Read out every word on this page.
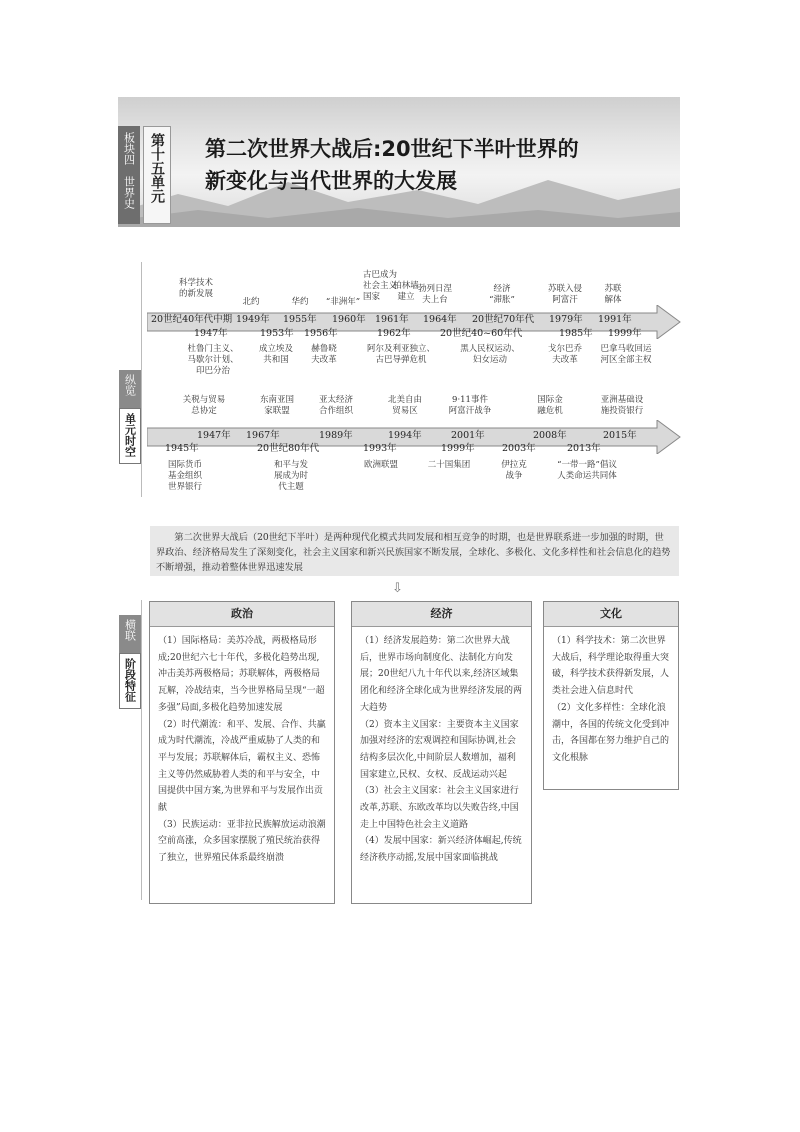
板块四　世界史 第十五单元 第二次世界大战后:20世纪下半叶世界的
新变化与当代世界的大发展
纵览
单元时空
科学技术
的新发展
北约	华约	“非洲年”
古巴成为
社会主义
国家
柏林墙
建立
勃列日涅
夫上台
经济
“滞胀”
苏联入侵
阿富汗
苏联
解体
20世纪40年代中期 1949年 1955年 1960年 1961年 1964年 20世纪70年代 1979年 1991年
1947年	1953年 1956年	1962年	20世纪40~60年代	1985年 1999年
杜鲁门主义、
马歇尔计划、
印巴分治
成立埃及
共和国
赫鲁晓
夫改革
阿尔及利亚独立、
古巴导弹危机
黑人民权运动、
妇女运动
戈尔巴乔
夫改革
巴拿马收回运
河区全部主权
关税与贸易
总协定
东南亚国
家联盟
亚太经济
合作组织
北美自由
贸易区
9·11事件
阿富汗战争
国际金
融危机
亚洲基础设
施投资银行
1947年 1967年	1989年	1994年	2001年	2008年	2015年
1945年	20世纪80年代	1993年	1999年	2003年	2013年
国际货币
基金组织
世界银行
和平与发
展成为时
代主题
欧洲联盟	二十国集团	伊拉克
战争
“一带一路”倡议
人类命运共同体

第二次世界大战后（20世纪下半叶）是两种现代化模式共同发展和相互竞争的时期，也是世界联系进一步加强的时期，世界政治、经济格局发生了深刻变化，社会主义国家和新兴民族国家不断发展，全球化、多极化、文化多样性和社会信息化的趋势不断增强，推动着整体世界迅速发展

⇩
横联
阶段特征
政治

（1）国际格局：美苏冷战，两极格局形成;20世纪六七十年代，多极化趋势出现,冲击美苏两极格局；苏联解体，两极格局瓦解，冷战结束，当今世界格局呈现“一超多强”局面,多极化趋势加速发展

（2）时代潮流：和平、发展、合作、共赢成为时代潮流，冷战严重威胁了人类的和平与发展；苏联解体后，霸权主义、恐怖主义等仍然威胁着人类的和平与安全，中国提供中国方案,为世界和平与发展作出贡献

（3）民族运动：亚非拉民族解放运动浪潮空前高涨，众多国家摆脱了殖民统治获得了独立，世界殖民体系最终崩溃

经济

（1）经济发展趋势：第二次世界大战后，世界市场向制度化、法制化方向发展；20世纪八九十年代以来,经济区域集团化和经济全球化成为世界经济发展的两大趋势

（2）资本主义国家：主要资本主义国家加强对经济的宏观调控和国际协调,社会结构多层次化,中间阶层人数增加，福利国家建立,民权、女权、反战运动兴起

（3）社会主义国家：社会主义国家进行改革,苏联、东欧改革均以失败告终,中国走上中国特色社会主义道路

（4）发展中国家：新兴经济体崛起,传统经济秩序动摇,发展中国家面临挑战

文化

（1）科学技术：第二次世界大战后，科学理论取得重大突破，科学技术获得新发展，人类社会进入信息时代

（2）文化多样性：全球化浪潮中，各国的传统文化受到冲击，各国都在努力维护自己的文化根脉
